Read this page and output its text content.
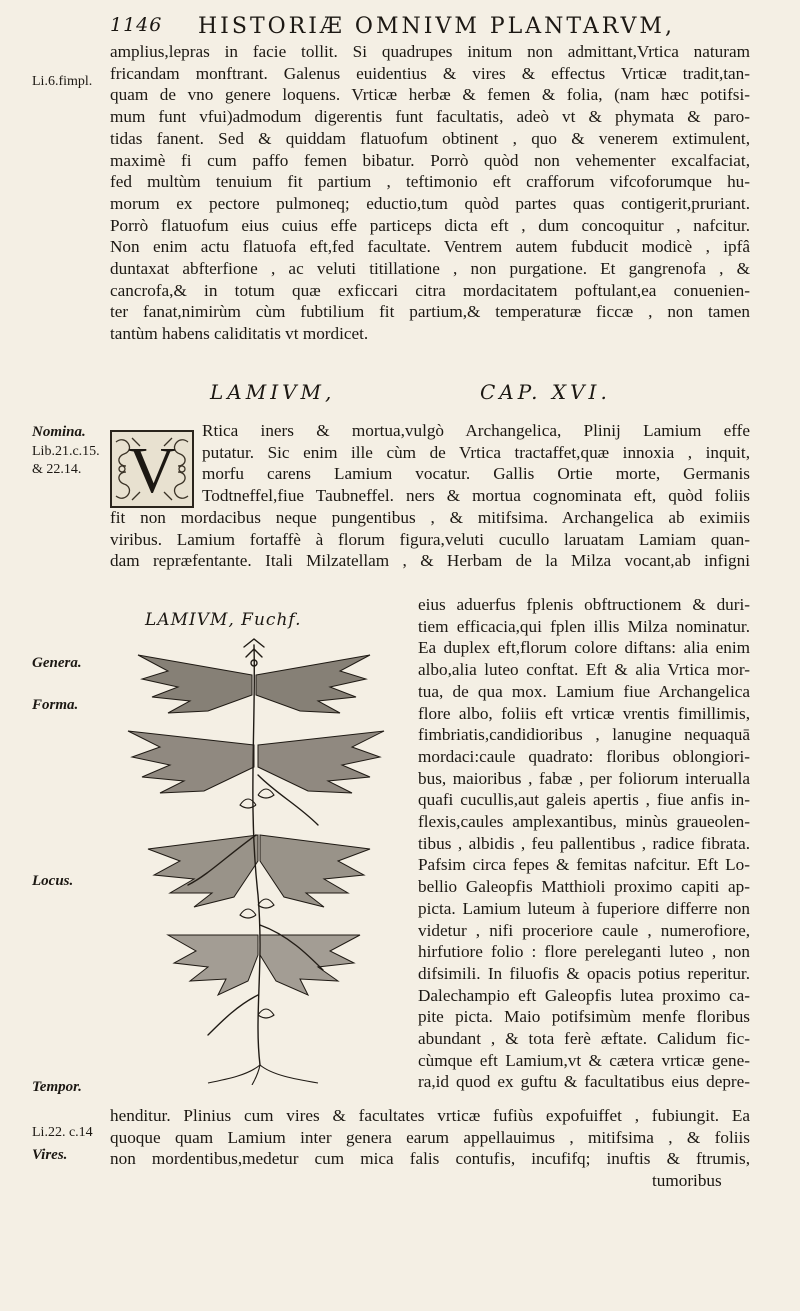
1146 HISTORIÆ OMNIVM PLANTARVM,
amplius,lepras in facie tollit. Si quadrupes initum non admittant,Vrtica naturam
fricandam monftrant. Galenus euidentius & vires & effectus Vrticæ tradit,tan-
quam de vno genere loquens. Vrticæ herbæ & femen & folia, (nam hæc potifsi-
mum funt vfui)admodum digerentis funt facultatis, adeò vt & phymata & paro-
tidas fanent. Sed & quiddam flatuofum obtinent , quo & venerem extimulent,
maximè fi cum paffo femen bibatur. Porrò quòd non vehementer excalfaciat,
fed multùm tenuium fit partium , teftimonio eft crafforum vifcoforumque hu-
morum ex pectore pulmoneq; eductio,tum quòd partes quas contigerit,pruriant.
Porrò flatuofum eius cuius effe particeps dicta eft , dum concoquitur , nafcitur.
Non enim actu flatuofa eft,fed facultate. Ventrem autem fubducit modicè , ipfâ
duntaxat abfterfione , ac veluti titillatione , non purgatione. Et gangrenofa , &
cancrofa,& in totum quæ exficcari citra mordacitatem poftulant,ea conuenien-
ter fanat,nimirùm cùm fubtilium fit partium,& temperaturæ ficcæ , non tamen
tantùm habens caliditatis vt mordicet.
Li.6.fimpl.
Nomina.
Lib.21.c.15.
& 22.14.
Genera.
Forma.
Locus.
Tempor.
Li.22. c.14
Vires.
LAMIVM,	CAP. XVI.
V
Rtica iners & mortua,vulgò Archangelica, Plinij Lamium effe
putatur. Sic enim ille cùm de Vrtica tractaffet,quæ innoxia , inquit,
morfu carens Lamium vocatur. Gallis Ortie morte, Germanis
Todtneffel,fiue Taubneffel. ners & mortua cognominata eft, quòd foliis
fit non mordacibus neque pungentibus , & mitifsima. Archangelica ab eximiis
viribus. Lamium fortaffè à florum figura,veluti cucullo laruatam Lamiam quan-
dam repræfentante. Itali Milzatellam , & Herbam de la Milza vocant,ab infigni
LAMIVM, Fuchf.
eius aduerfus fplenis obftructionem & duri-
tiem efficacia,qui fplen illis Milza nominatur.
Ea duplex eft,florum colore diftans: alia enim
albo,alia luteo conftat. Eft & alia Vrtica mor-
tua, de qua mox. Lamium fiue Archangelica
flore albo, foliis eft vrticæ vrentis fimillimis,
fimbriatis,candidioribus , lanugine nequaquā
mordaci:caule quadrato: floribus oblongiori-
bus, maioribus , fabæ , per foliorum interualla
quafi cucullis,aut galeis apertis , fiue anfis in-
flexis,caules amplexantibus, minùs graueolen-
tibus , albidis , feu pallentibus , radice fibrata.
Pafsim circa fepes & femitas nafcitur. Eft Lo-
bellio Galeopfis Matthioli proximo capiti ap-
picta. Lamium luteum à fuperiore differre non
videtur , nifi proceriore caule , numerofiore,
hirfutiore folio : flore pereleganti luteo , non
difsimili. In filuofis & opacis potius reperitur.
Dalechampio eft Galeopfis lutea proximo ca-
pite picta. Maio potifsimùm menfe floribus
abundant , & tota ferè æftate. Calidum fic-
cùmque eft Lamium,vt & cætera vrticæ gene-
ra,id quod ex guftu & facultatibus eius depre-
henditur. Plinius cum vires & facultates vrticæ fufiùs expofuiffet , fubiungit. Ea
quoque quam Lamium inter genera earum appellauimus , mitifsima , & foliis
non mordentibus,medetur cum mica falis contufis, incufifq; inuftis & ftrumis,
tumoribus
